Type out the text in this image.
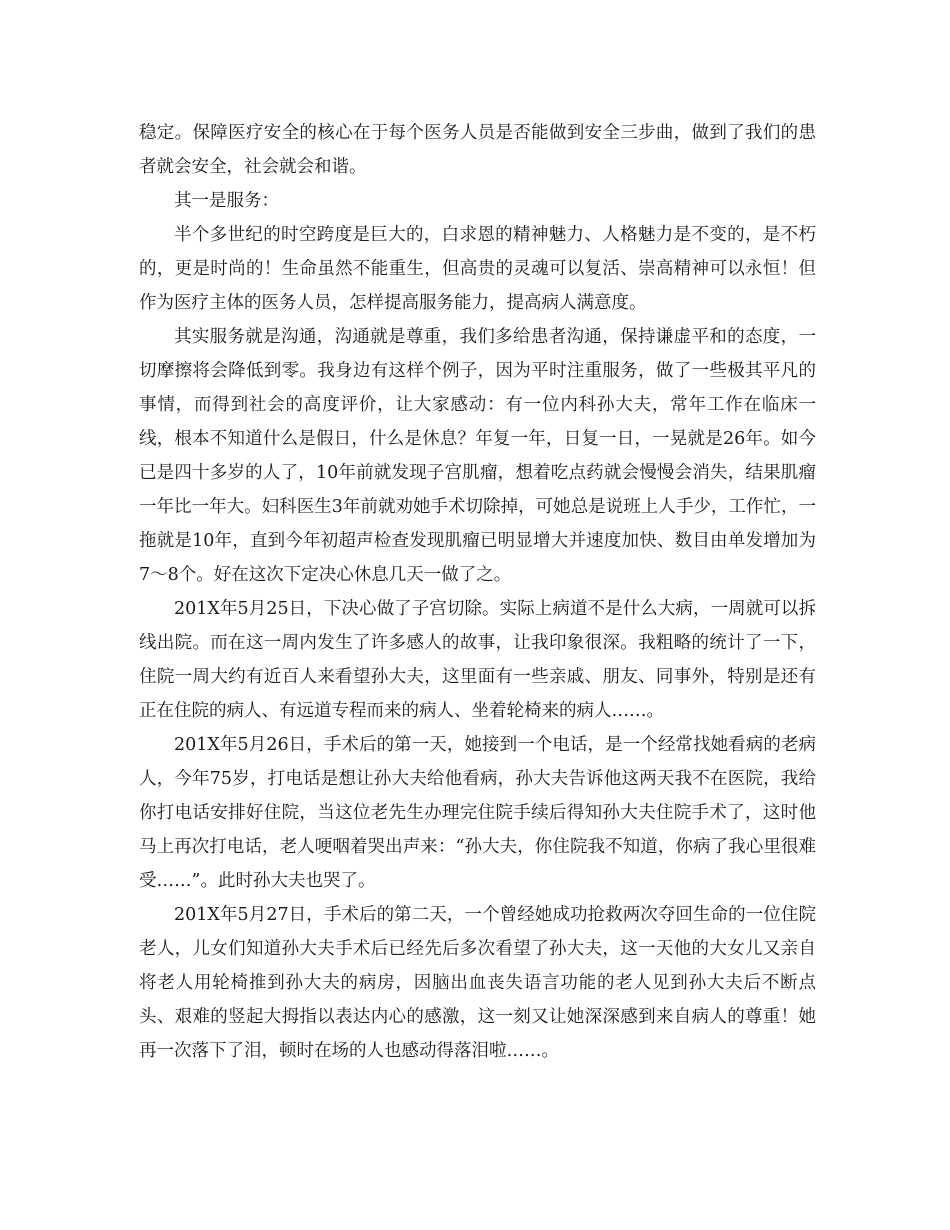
稳定。保障医疗安全的核心在于每个医务人员是否能做到安全三步曲，做到了我们的患者就会安全，社会就会和谐。

其一是服务：

半个多世纪的时空跨度是巨大的，白求恩的精神魅力、人格魅力是不变的，是不朽的，更是时尚的！生命虽然不能重生，但高贵的灵魂可以复活、崇高精神可以永恒！但作为医疗主体的医务人员，怎样提高服务能力，提高病人满意度。

其实服务就是沟通，沟通就是尊重，我们多给患者沟通，保持谦虚平和的态度，一切摩擦将会降低到零。我身边有这样个例子，因为平时注重服务，做了一些极其平凡的事情，而得到社会的高度评价，让大家感动：有一位内科孙大夫，常年工作在临床一线，根本不知道什么是假日，什么是休息？年复一年，日复一日，一晃就是26年。如今已是四十多岁的人了，10年前就发现子宫肌瘤，想着吃点药就会慢慢会消失，结果肌瘤一年比一年大。妇科医生3年前就劝她手术切除掉，可她总是说班上人手少，工作忙，一拖就是10年，直到今年初超声检查发现肌瘤已明显增大并速度加快、数目由单发增加为7～8个。好在这次下定决心休息几天一做了之。

201X年5月25日，下决心做了子宫切除。实际上病道不是什么大病，一周就可以拆线出院。而在这一周内发生了许多感人的故事，让我印象很深。我粗略的统计了一下，住院一周大约有近百人来看望孙大夫，这里面有一些亲戚、朋友、同事外，特别是还有正在住院的病人、有远道专程而来的病人、坐着轮椅来的病人……。

201X年5月26日，手术后的第一天，她接到一个电话，是一个经常找她看病的老病人，今年75岁，打电话是想让孙大夫给他看病，孙大夫告诉他这两天我不在医院，我给你打电话安排好住院，当这位老先生办理完住院手续后得知孙大夫住院手术了，这时他马上再次打电话，老人哽咽着哭出声来：“孙大夫，你住院我不知道，你病了我心里很难受……”。此时孙大夫也哭了。

201X年5月27日，手术后的第二天，一个曾经她成功抢救两次夺回生命的一位住院老人，儿女们知道孙大夫手术后已经先后多次看望了孙大夫，这一天他的大女儿又亲自将老人用轮椅推到孙大夫的病房，因脑出血丧失语言功能的老人见到孙大夫后不断点头、艰难的竖起大拇指以表达内心的感激，这一刻又让她深深感到来自病人的尊重！她再一次落下了泪，顿时在场的人也感动得落泪啦……。
